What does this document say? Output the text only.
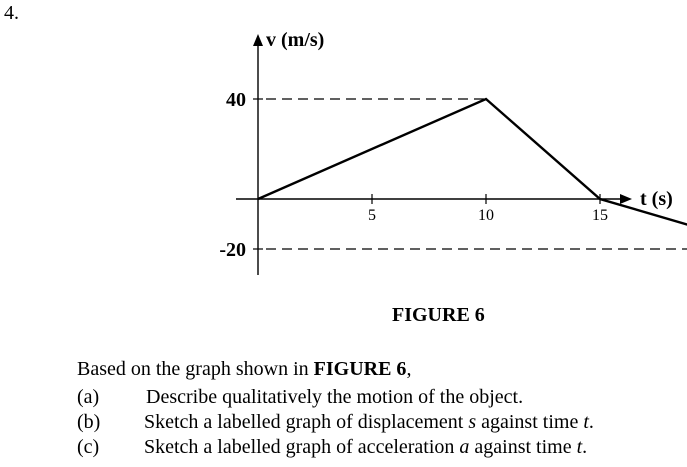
4.
t (s)
v (m/s)
5	10	15
40
-20
FIGURE 6
Based on the graph shown in FIGURE 6,
(a) Describe qualitatively the motion of the object.
(b) Sketch a labelled graph of displacement s against time t.
(c) Sketch a labelled graph of acceleration a against time t.
